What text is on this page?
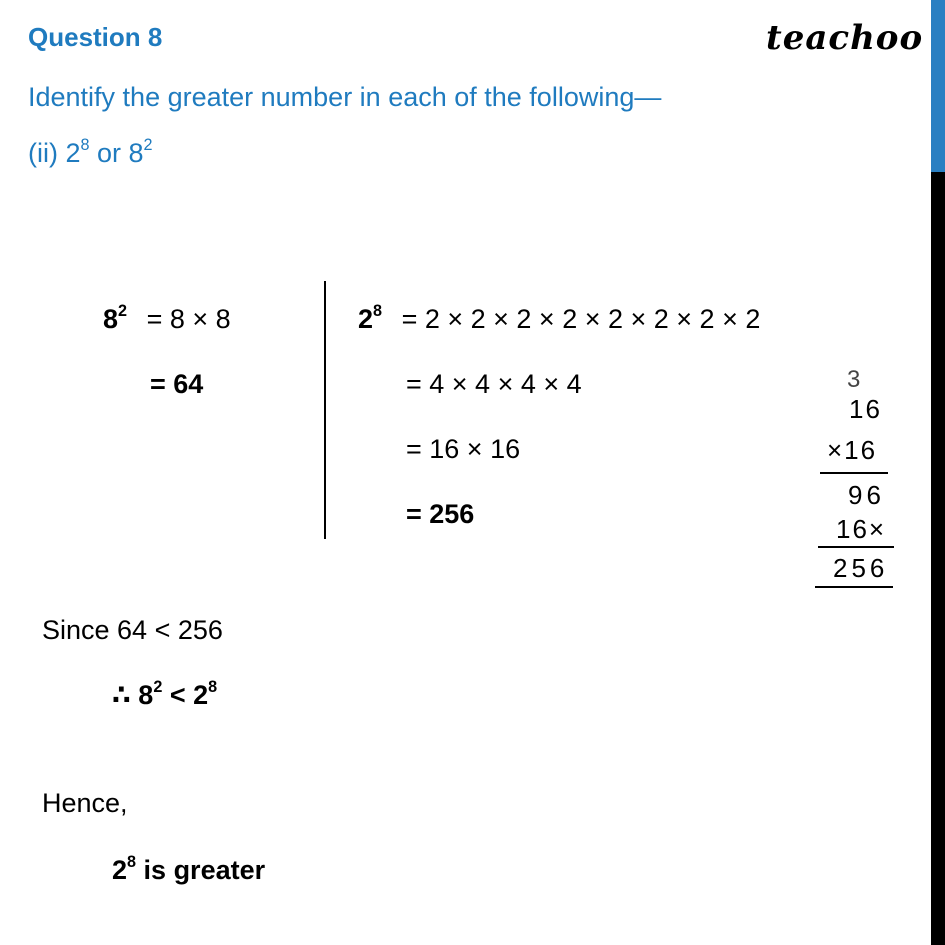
Question 8	teachoo
Identify the greater number in each of the following—
(ii) $2^8$ or $8^2$
$8^2 = 8 \times 8$
= 64
$2^8 = 2 \times 2 \times 2 \times 2 \times 2 \times 2 \times 2 \times 2$
= 4 × 4 × 4 × 4
= 16 × 16
= 256
3
16
×16
96
16×
256
Since 64 < 256
∴ $8^2 < 2^8$
Hence,
$2^8$ is greater
